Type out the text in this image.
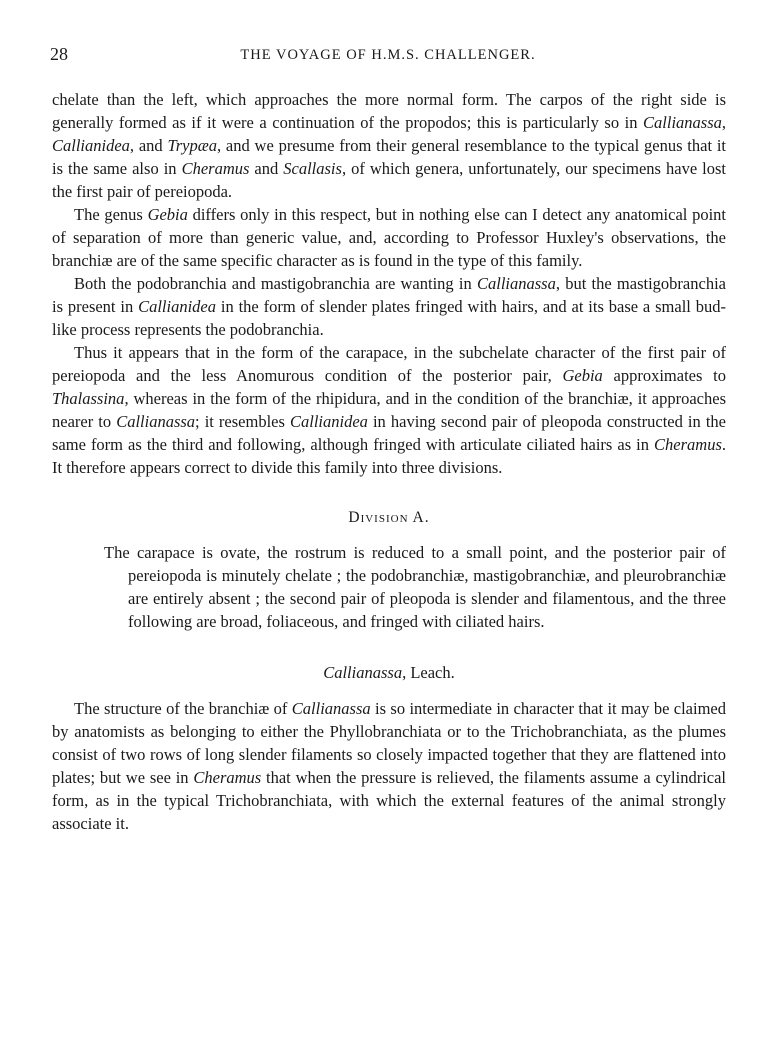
28	THE VOYAGE OF H.M.S. CHALLENGER.

chelate than the left, which approaches the more normal form. The carpos of the right side is generally formed as if it were a continuation of the propodos; this is particularly so in Callianassa, Callianidea, and Trypæa, and we presume from their general resemblance to the typical genus that it is the same also in Cheramus and Scallasis, of which genera, unfortunately, our specimens have lost the first pair of pereiopoda.

The genus Gebia differs only in this respect, but in nothing else can I detect any anatomical point of separation of more than generic value, and, according to Professor Huxley's observations, the branchiæ are of the same specific character as is found in the type of this family.

Both the podobranchia and mastigobranchia are wanting in Callianassa, but the mastigobranchia is present in Callianidea in the form of slender plates fringed with hairs, and at its base a small bud-like process represents the podobranchia.

Thus it appears that in the form of the carapace, in the subchelate character of the first pair of pereiopoda and the less Anomurous condition of the posterior pair, Gebia approximates to Thalassina, whereas in the form of the rhipidura, and in the condition of the branchiæ, it approaches nearer to Callianassa; it resembles Callianidea in having second pair of pleopoda constructed in the same form as the third and following, although fringed with articulate ciliated hairs as in Cheramus. It therefore appears correct to divide this family into three divisions.

Division A.

The carapace is ovate, the rostrum is reduced to a small point, and the posterior pair of pereiopoda is minutely chelate ; the podobranchiæ, mastigobranchiæ, and pleurobranchiæ are entirely absent ; the second pair of pleopoda is slender and filamentous, and the three following are broad, foliaceous, and fringed with ciliated hairs.

Callianassa, Leach.

The structure of the branchiæ of Callianassa is so intermediate in character that it may be claimed by anatomists as belonging to either the Phyllobranchiata or to the Trichobranchiata, as the plumes consist of two rows of long slender filaments so closely impacted together that they are flattened into plates; but we see in Cheramus that when the pressure is relieved, the filaments assume a cylindrical form, as in the typical Trichobranchiata, with which the external features of the animal strongly associate it.
